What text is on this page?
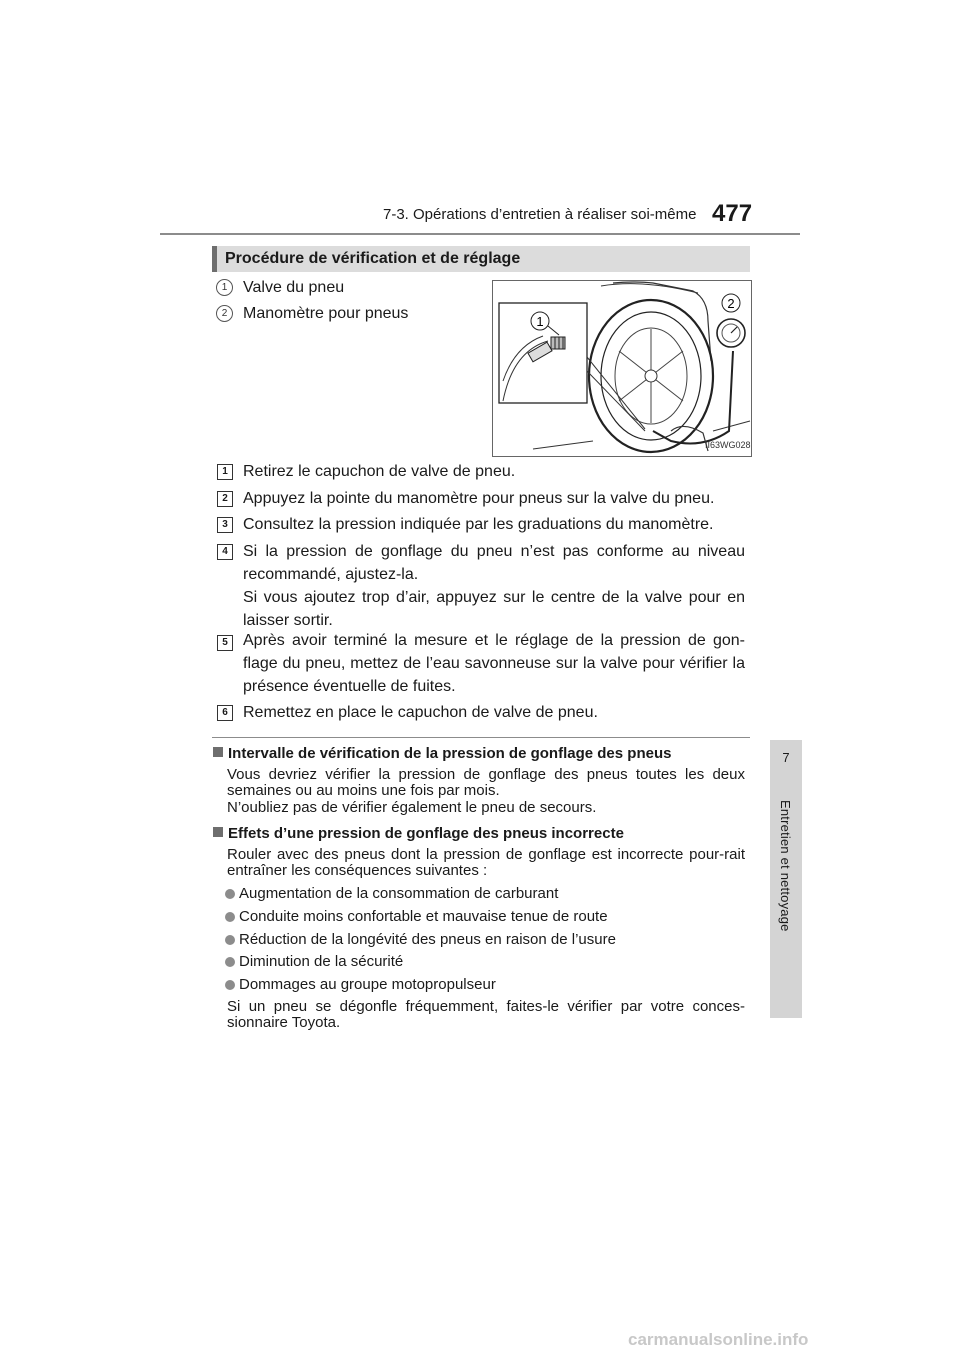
7-3. Opérations d’entretien à réaliser soi-même 477
7
Entretien et nettoyage
Procédure de vérification et de réglage
1 Valve du pneu
2 Manomètre pour pneus	1
2
II63WG028
1 Retirez le capuchon de valve de pneu.
2 Appuyez la pointe du manomètre pour pneus sur la valve du pneu.
3 Consultez la pression indiquée par les graduations du manomètre.
4 Si la pression de gonflage du pneu n’est pas conforme au niveau recommandé, ajustez-la.
Si vous ajoutez trop d’air, appuyez sur le centre de la valve pour en laisser sortir.
5 Après avoir terminé la mesure et le réglage de la pression de gon-flage du pneu, mettez de l’eau savonneuse sur la valve pour vérifier la présence éventuelle de fuites.
6 Remettez en place le capuchon de valve de pneu.
Intervalle de vérification de la pression de gonflage des pneus
Vous devriez vérifier la pression de gonflage des pneus toutes les deux semaines ou au moins une fois par mois.
N’oubliez pas de vérifier également le pneu de secours.
Effets d’une pression de gonflage des pneus incorrecte
Rouler avec des pneus dont la pression de gonflage est incorrecte pour-rait entraîner les conséquences suivantes :
Augmentation de la consommation de carburant
Conduite moins confortable et mauvaise tenue de route
Réduction de la longévité des pneus en raison de l’usure
Diminution de la sécurité
Dommages au groupe motopropulseur
Si un pneu se dégonfle fréquemment, faites-le vérifier par votre conces-sionnaire Toyota.
carmanualsonline.info
